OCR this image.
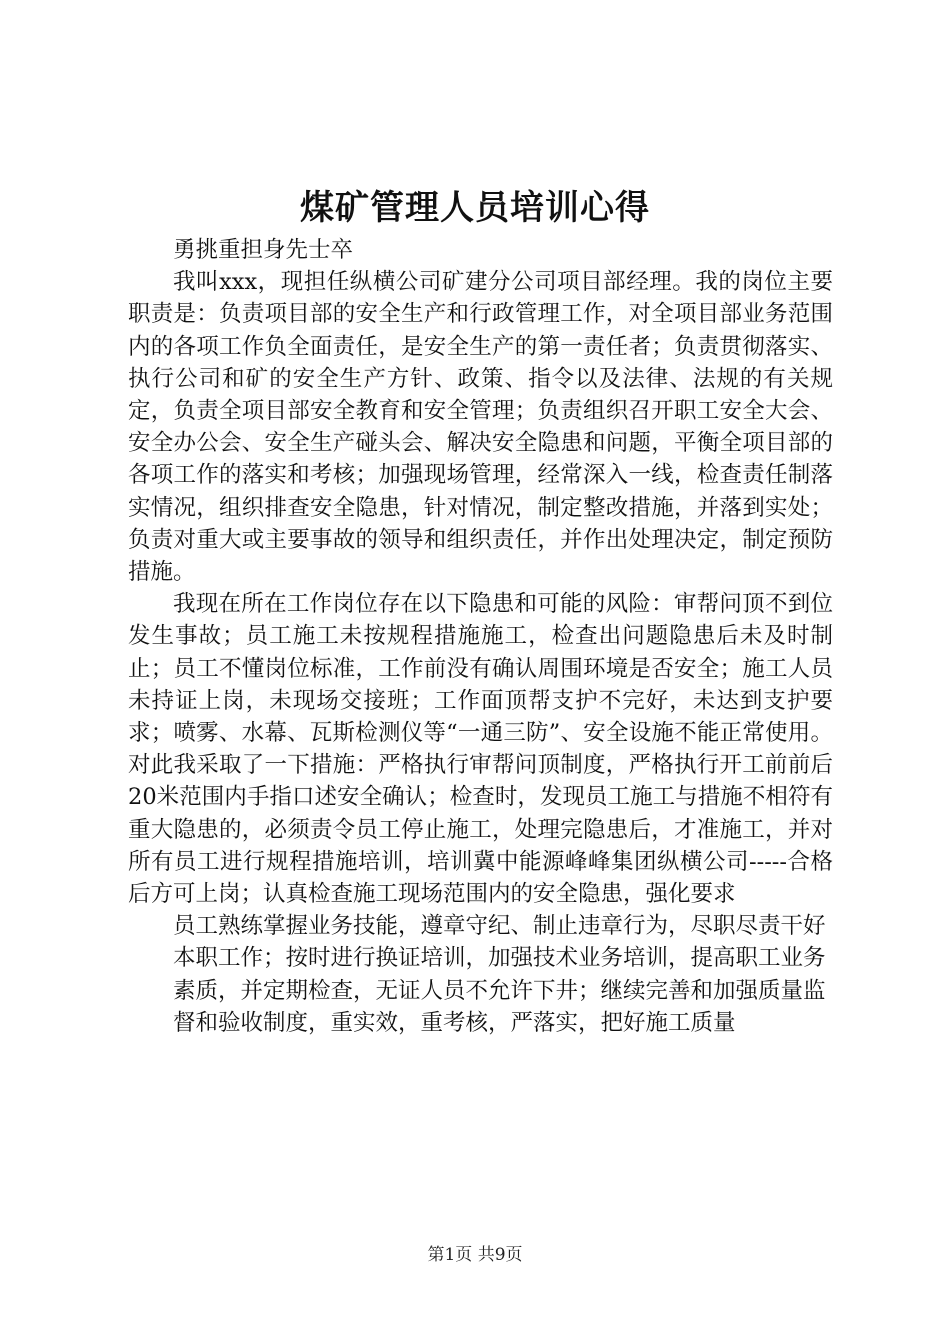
煤矿管理人员培训心得

勇挑重担身先士卒

我叫xxx，现担任纵横公司矿建分公司项目部经理。我的岗位主要职责是：负责项目部的安全生产和行政管理工作，对全项目部业务范围内的各项工作负全面责任，是安全生产的第一责任者；负责贯彻落实、执行公司和矿的安全生产方针、政策、指令以及法律、法规的有关规定，负责全项目部安全教育和安全管理；负责组织召开职工安全大会、安全办公会、安全生产碰头会、解决安全隐患和问题，平衡全项目部的各项工作的落实和考核；加强现场管理，经常深入一线，检查责任制落实情况，组织排查安全隐患，针对情况，制定整改措施，并落到实处；负责对重大或主要事故的领导和组织责任，并作出处理决定，制定预防措施。

我现在所在工作岗位存在以下隐患和可能的风险：审帮问顶不到位发生事故；员工施工未按规程措施施工，检查出问题隐患后未及时制止；员工不懂岗位标准，工作前没有确认周围环境是否安全；施工人员未持证上岗，未现场交接班；工作面顶帮支护不完好，未达到支护要求；喷雾、水幕、瓦斯检测仪等“一通三防”、安全设施不能正常使用。对此我采取了一下措施：严格执行审帮问顶制度，严格执行开工前前后20米范围内手指口述安全确认；检查时，发现员工施工与措施不相符有重大隐患的，必须责令员工停止施工，处理完隐患后，才准施工，并对所有员工进行规程措施培训，培训冀中能源峰峰集团纵横公司-----合格后方可上岗；认真检查施工现场范围内的安全隐患，强化要求

员工熟练掌握业务技能，遵章守纪、制止违章行为，尽职尽责干好

本职工作；按时进行换证培训，加强技术业务培训，提高职工业务

素质，并定期检查，无证人员不允许下井；继续完善和加强质量监

督和验收制度，重实效，重考核，严落实，把好施工质量

第1页 共9页
